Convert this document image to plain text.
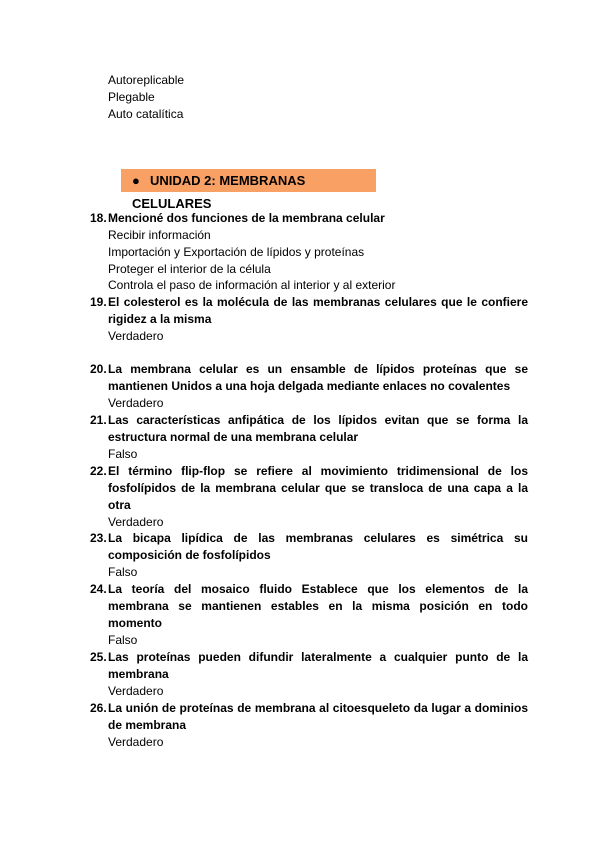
Autoreplicable
Plegable
Auto catalítica
● UNIDAD 2: MEMBRANAS CELULARES
18. Mencioné dos funciones de la membrana celular
Recibir información
Importación y Exportación de lípidos y proteínas
Proteger el interior de la célula
Controla el paso de información al interior y al exterior
19. El colesterol es la molécula de las membranas celulares que le confiere rigidez a la misma
Verdadero
20. La membrana celular es un ensamble de lípidos proteínas que se mantienen Unidos a una hoja delgada mediante enlaces no covalentes
Verdadero
21. Las características anfipática de los lípidos evitan que se forma la estructura normal de una membrana celular
Falso
22. El término flip-flop se refiere al movimiento tridimensional de los fosfolípidos de la membrana celular que se transloca de una capa a la otra
Verdadero
23. La bicapa lipídica de las membranas celulares es simétrica su composición de fosfolípidos
Falso
24. La teoría del mosaico fluido Establece que los elementos de la membrana se mantienen estables en la misma posición en todo momento
Falso
25. Las proteínas pueden difundir lateralmente a cualquier punto de la membrana
Verdadero
26. La unión de proteínas de membrana al citoesqueleto da lugar a dominios de membrana
Verdadero
